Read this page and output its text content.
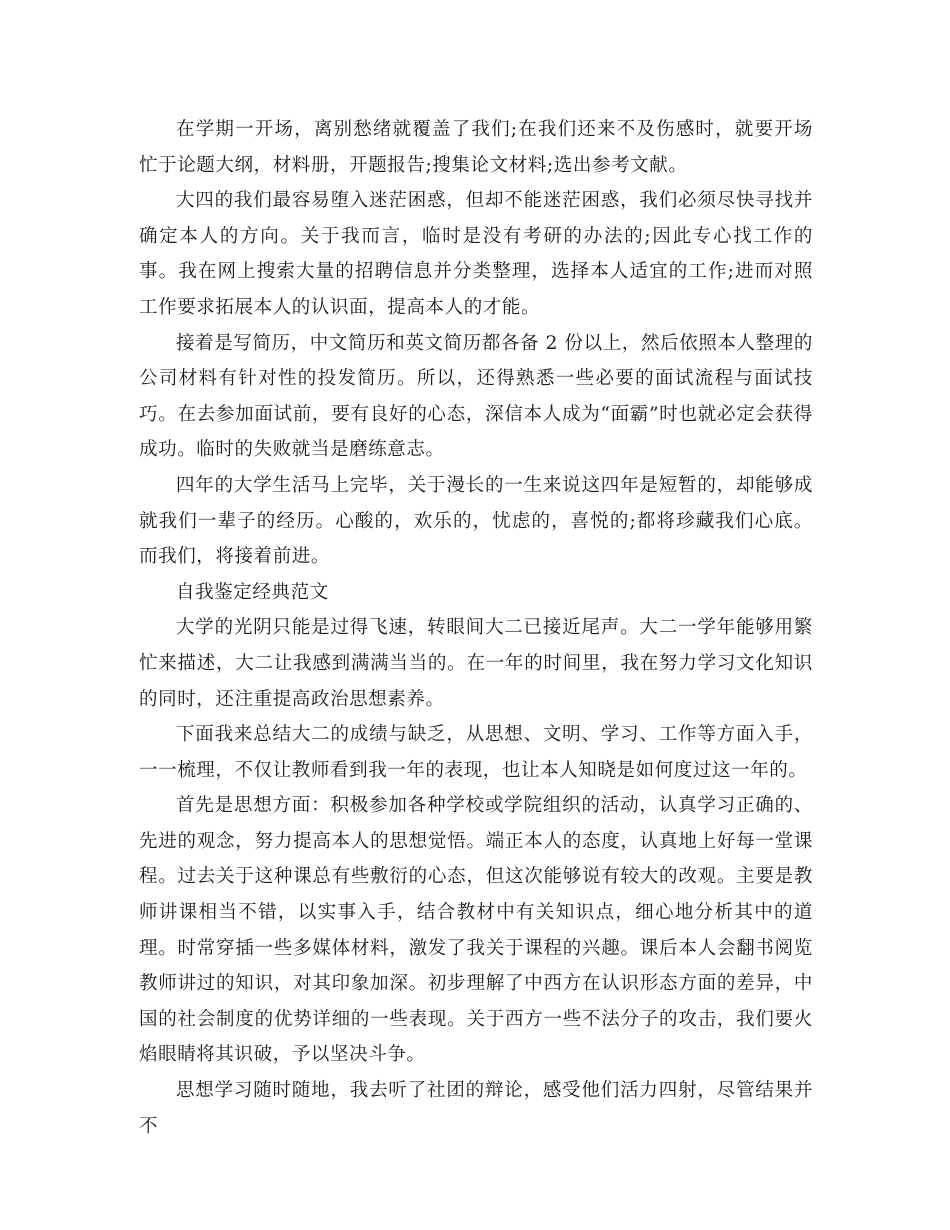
在学期一开场，离别愁绪就覆盖了我们;在我们还来不及伤感时，就要开场忙于论题大纲，材料册，开题报告;搜集论文材料;选出参考文献。

大四的我们最容易堕入迷茫困惑，但却不能迷茫困惑，我们必须尽快寻找并确定本人的方向。关于我而言，临时是没有考研的办法的;因此专心找工作的事。我在网上搜索大量的招聘信息并分类整理，选择本人适宜的工作;进而对照工作要求拓展本人的认识面，提高本人的才能。

接着是写简历，中文简历和英文简历都各备 2 份以上，然后依照本人整理的公司材料有针对性的投发简历。所以，还得熟悉一些必要的面试流程与面试技巧。在去参加面试前，要有良好的心态，深信本人成为“面霸”时也就必定会获得成功。临时的失败就当是磨练意志。

四年的大学生活马上完毕，关于漫长的一生来说这四年是短暂的，却能够成就我们一辈子的经历。心酸的，欢乐的，忧虑的，喜悦的;都将珍藏我们心底。而我们，将接着前进。

自我鉴定经典范文

大学的光阴只能是过得飞速，转眼间大二已接近尾声。大二一学年能够用繁忙来描述，大二让我感到满满当当的。在一年的时间里，我在努力学习文化知识的同时，还注重提高政治思想素养。

下面我来总结大二的成绩与缺乏，从思想、文明、学习、工作等方面入手，一一梳理，不仅让教师看到我一年的表现，也让本人知晓是如何度过这一年的。

首先是思想方面：积极参加各种学校或学院组织的活动，认真学习正确的、先进的观念，努力提高本人的思想觉悟。端正本人的态度，认真地上好每一堂课程。过去关于这种课总有些敷衍的心态，但这次能够说有较大的改观。主要是教师讲课相当不错，以实事入手，结合教材中有关知识点，细心地分析其中的道理。时常穿插一些多媒体材料，激发了我关于课程的兴趣。课后本人会翻书阅览教师讲过的知识，对其印象加深。初步理解了中西方在认识形态方面的差异，中国的社会制度的优势详细的一些表现。关于西方一些不法分子的攻击，我们要火焰眼睛将其识破，予以坚决斗争。

思想学习随时随地，我去听了社团的辩论，感受他们活力四射，尽管结果并不
